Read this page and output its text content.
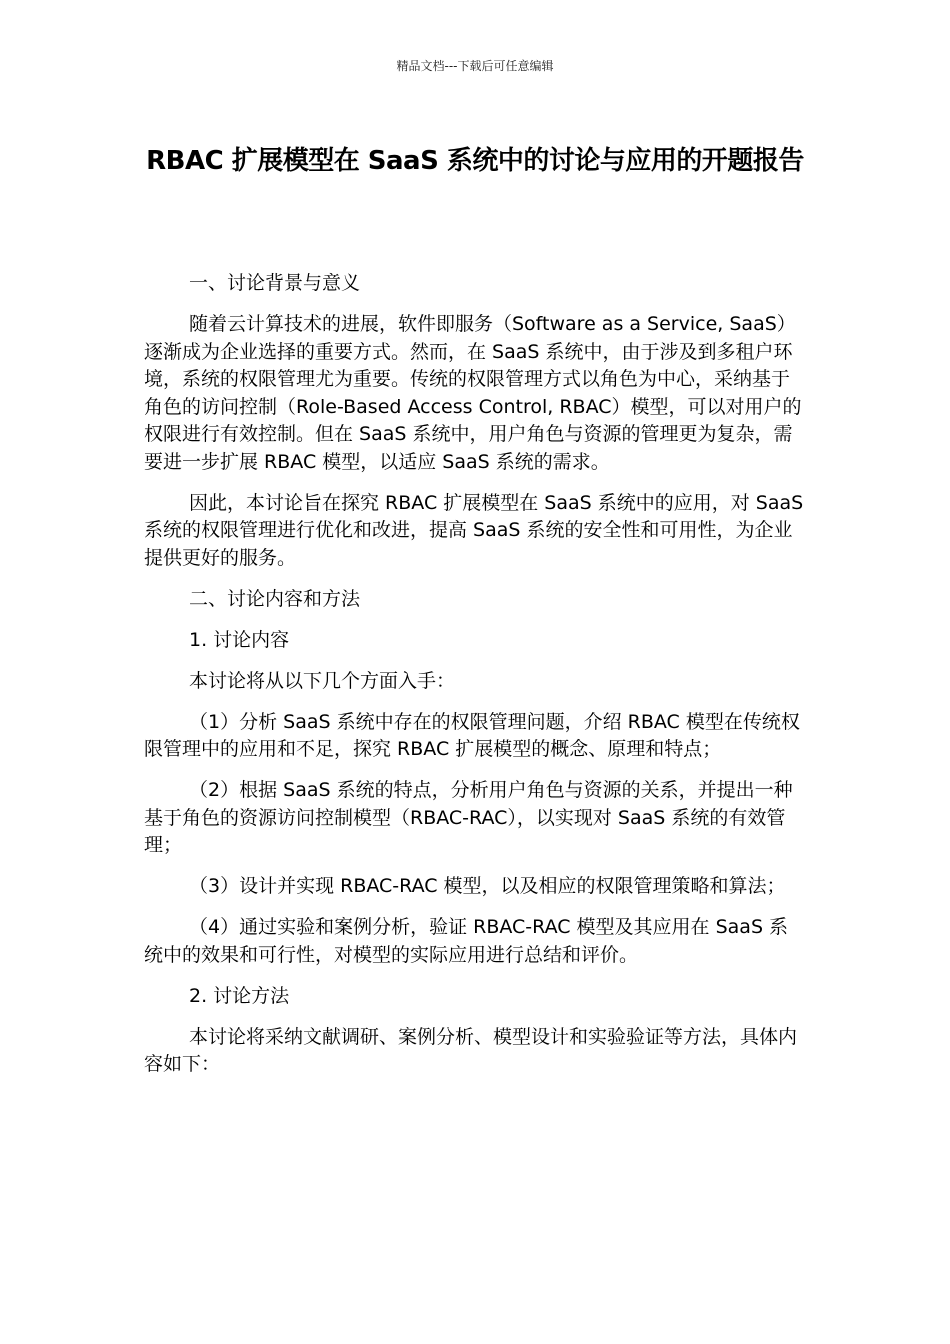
精品文档---下载后可任意编辑
RBAC 扩展模型在 SaaS 系统中的讨论与应用的开题报告

一、讨论背景与意义

随着云计算技术的进展，软件即服务（Software as a Service, SaaS）逐渐成为企业选择的重要方式。然而，在 SaaS 系统中，由于涉及到多租户环境，系统的权限管理尤为重要。传统的权限管理方式以角色为中心，采纳基于角色的访问控制（Role-Based Access Control, RBAC）模型，可以对用户的权限进行有效控制。但在 SaaS 系统中，用户角色与资源的管理更为复杂，需要进一步扩展 RBAC 模型，以适应 SaaS 系统的需求。

因此，本讨论旨在探究 RBAC 扩展模型在 SaaS 系统中的应用，对 SaaS 系统的权限管理进行优化和改进，提高 SaaS 系统的安全性和可用性，为企业提供更好的服务。

二、讨论内容和方法

1. 讨论内容

本讨论将从以下几个方面入手：

（1）分析 SaaS 系统中存在的权限管理问题，介绍 RBAC 模型在传统权限管理中的应用和不足，探究 RBAC 扩展模型的概念、原理和特点；

（2）根据 SaaS 系统的特点，分析用户角色与资源的关系，并提出一种基于角色的资源访问控制模型（RBAC-RAC），以实现对 SaaS 系统的有效管理；

（3）设计并实现 RBAC-RAC 模型，以及相应的权限管理策略和算法；

（4）通过实验和案例分析，验证 RBAC-RAC 模型及其应用在 SaaS 系统中的效果和可行性，对模型的实际应用进行总结和评价。

2. 讨论方法

本讨论将采纳文献调研、案例分析、模型设计和实验验证等方法，具体内容如下：
